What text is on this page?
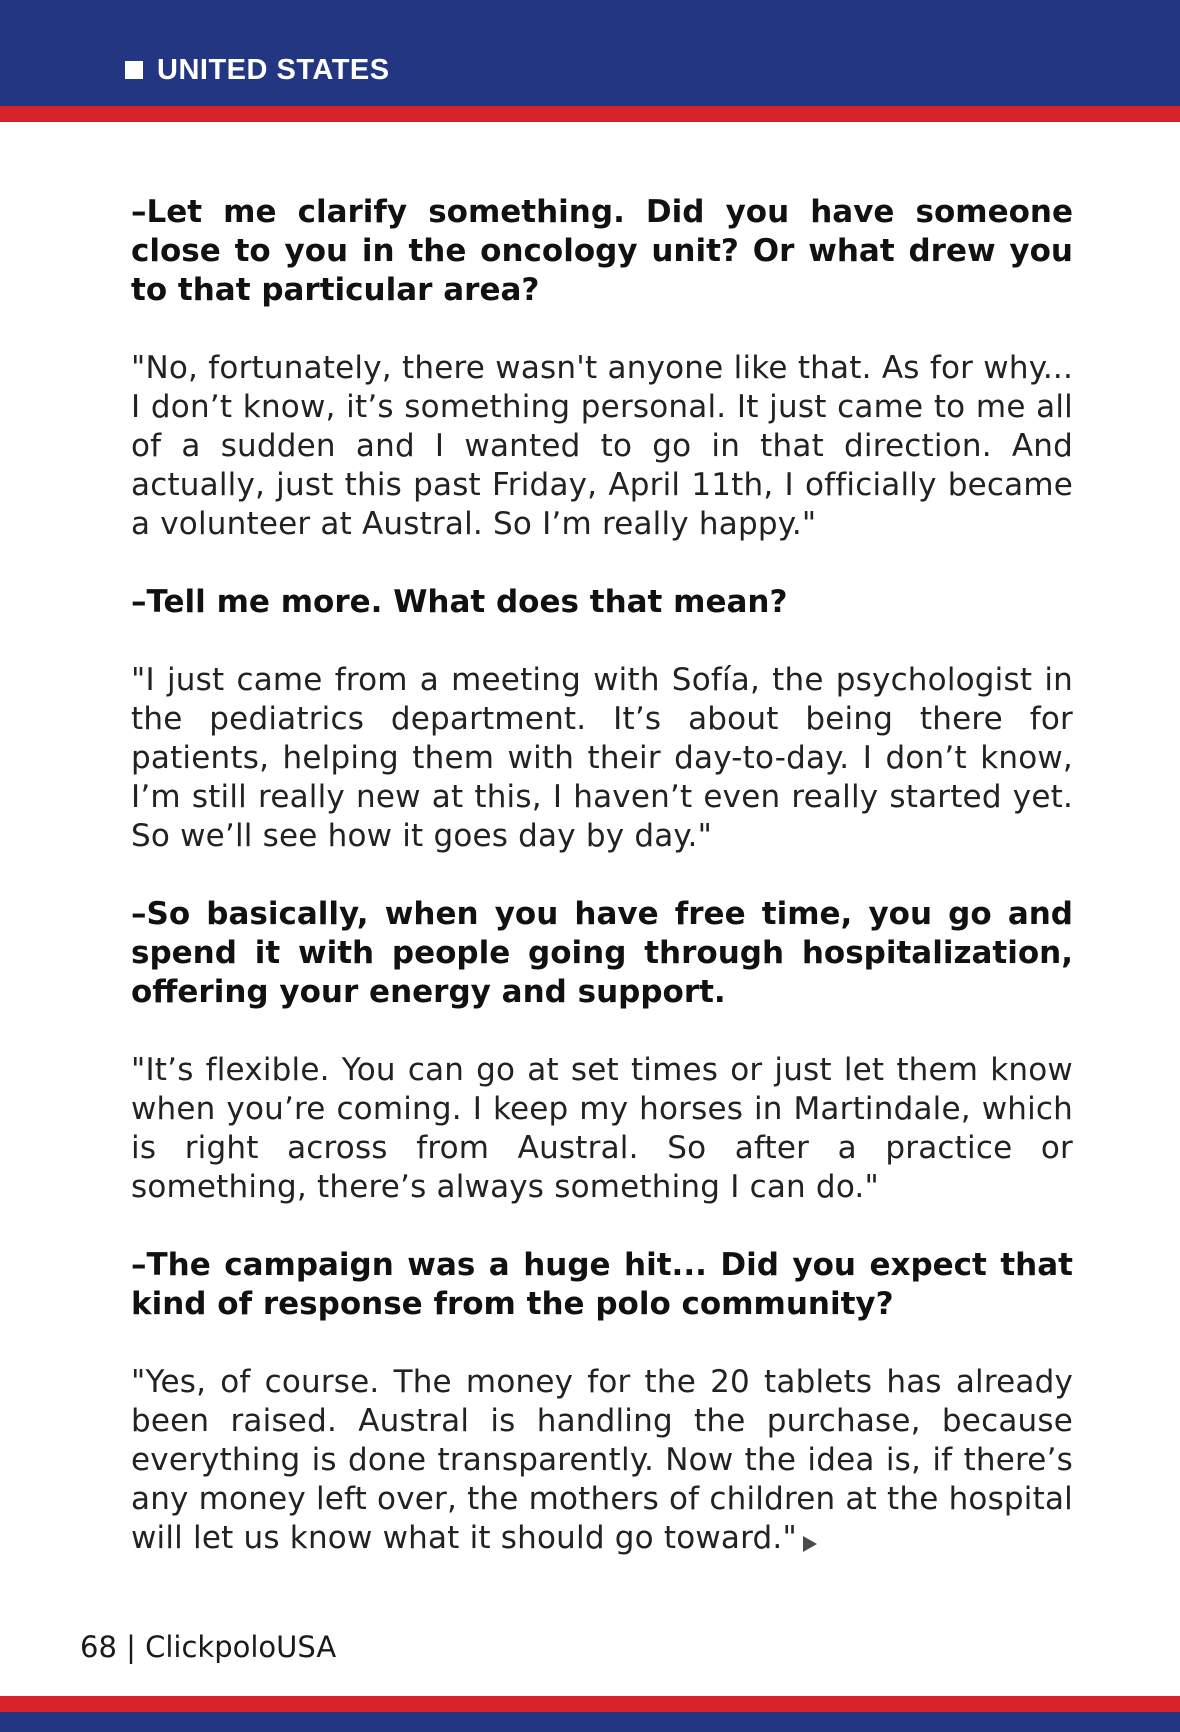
UNITED STATES

–Let me clarify something. Did you have someone close to you in the oncology unit? Or what drew you to that particular area?

"No, fortunately, there wasn't anyone like that. As for why... I don’t know, it’s something personal. It just came to me all of a sudden and I wanted to go in that direction. And actually, just this past Friday, April 11th, I officially became a volunteer at Austral. So I’m really happy."

–Tell me more. What does that mean?

"I just came from a meeting with Sofía, the psychologist in the pediatrics department. It’s about being there for patients, helping them with their day-to-day. I don’t know, I’m still really new at this, I haven’t even really started yet. So we’ll see how it goes day by day."

–So basically, when you have free time, you go and spend it with people going through hospitalization, offering your energy and support.

"It’s flexible. You can go at set times or just let them know when you’re coming. I keep my horses in Martindale, which is right across from Austral. So after a practice or something, there’s always something I can do."

–The campaign was a huge hit... Did you expect that kind of response from the polo community?

"Yes, of course. The money for the 20 tablets has already been raised. Austral is handling the purchase, because everything is done transparently. Now the idea is, if there’s any money left over, the mothers of children at the hospital will let us know what it should go toward."

68 | ClickpoloUSA
